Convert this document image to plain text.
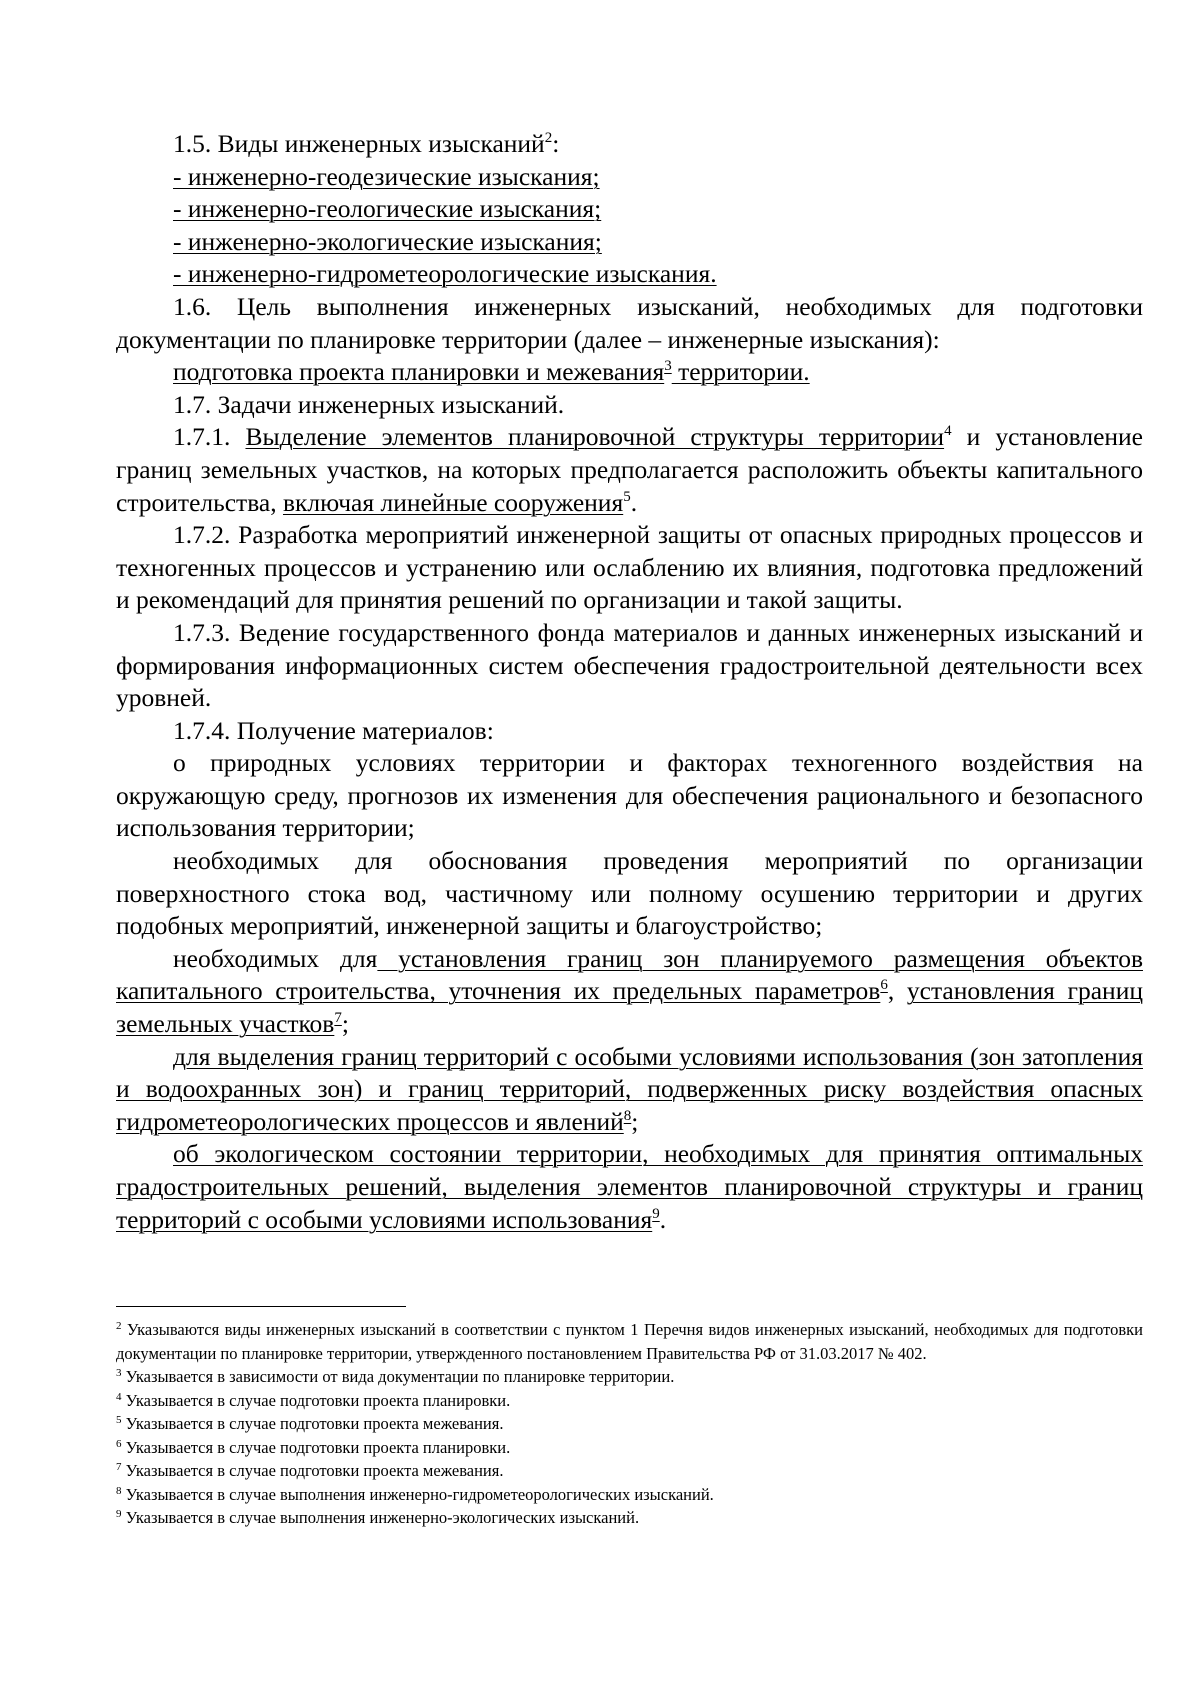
1.5. Виды инженерных изысканий$^2$:

- инженерно-геодезические изыскания;

- инженерно-геологические изыскания;

- инженерно-экологические изыскания;

- инженерно-гидрометеорологические изыскания.

1.6. Цель выполнения инженерных изысканий, необходимых для подготовки документации по планировке территории (далее – инженерные изыскания):

подготовка проекта планировки и межевания$^3$ территории.

1.7. Задачи инженерных изысканий.

1.7.1. Выделение элементов планировочной структуры территории$^4$ и установление границ земельных участков, на которых предполагается расположить объекты капитального строительства, включая линейные сооружения$^5$.

1.7.2. Разработка мероприятий инженерной защиты от опасных природных процессов и техногенных процессов и устранению или ослаблению их влияния, подготовка предложений и рекомендаций для принятия решений по организации и такой защиты.

1.7.3. Ведение государственного фонда материалов и данных инженерных изысканий и формирования информационных систем обеспечения градостроительной деятельности всех уровней.

1.7.4. Получение материалов:

о природных условиях территории и факторах техногенного воздействия на окружающую среду, прогнозов их изменения для обеспечения рационального и безопасного использования территории;

необходимых для обоснования проведения мероприятий по организации поверхностного стока вод, частичному или полному осушению территории и других подобных мероприятий, инженерной защиты и благоустройство;

необходимых для установления границ зон планируемого размещения объектов капитального строительства, уточнения их предельных параметров$^6$, установления границ земельных участков$^7$;

для выделения границ территорий с особыми условиями использования (зон затопления и водоохранных зон) и границ территорий, подверженных риску воздействия опасных гидрометеорологических процессов и явлений$^8$;

об экологическом состоянии территории, необходимых для принятия оптимальных градостроительных решений, выделения элементов планировочной структуры и границ территорий с особыми условиями использования$^9$.

$^2$ Указываются виды инженерных изысканий в соответствии с пунктом 1 Перечня видов инженерных изысканий, необходимых для подготовки документации по планировке территории, утвержденного постановлением Правительства РФ от 31.03.2017 № 402.

$^3$ Указывается в зависимости от вида документации по планировке территории.

$^4$ Указывается в случае подготовки проекта планировки.

$^5$ Указывается в случае подготовки проекта межевания.

$^6$ Указывается в случае подготовки проекта планировки.

$^7$ Указывается в случае подготовки проекта межевания.

$^8$ Указывается в случае выполнения инженерно-гидрометеорологических изысканий.

$^9$ Указывается в случае выполнения инженерно-экологических изысканий.
